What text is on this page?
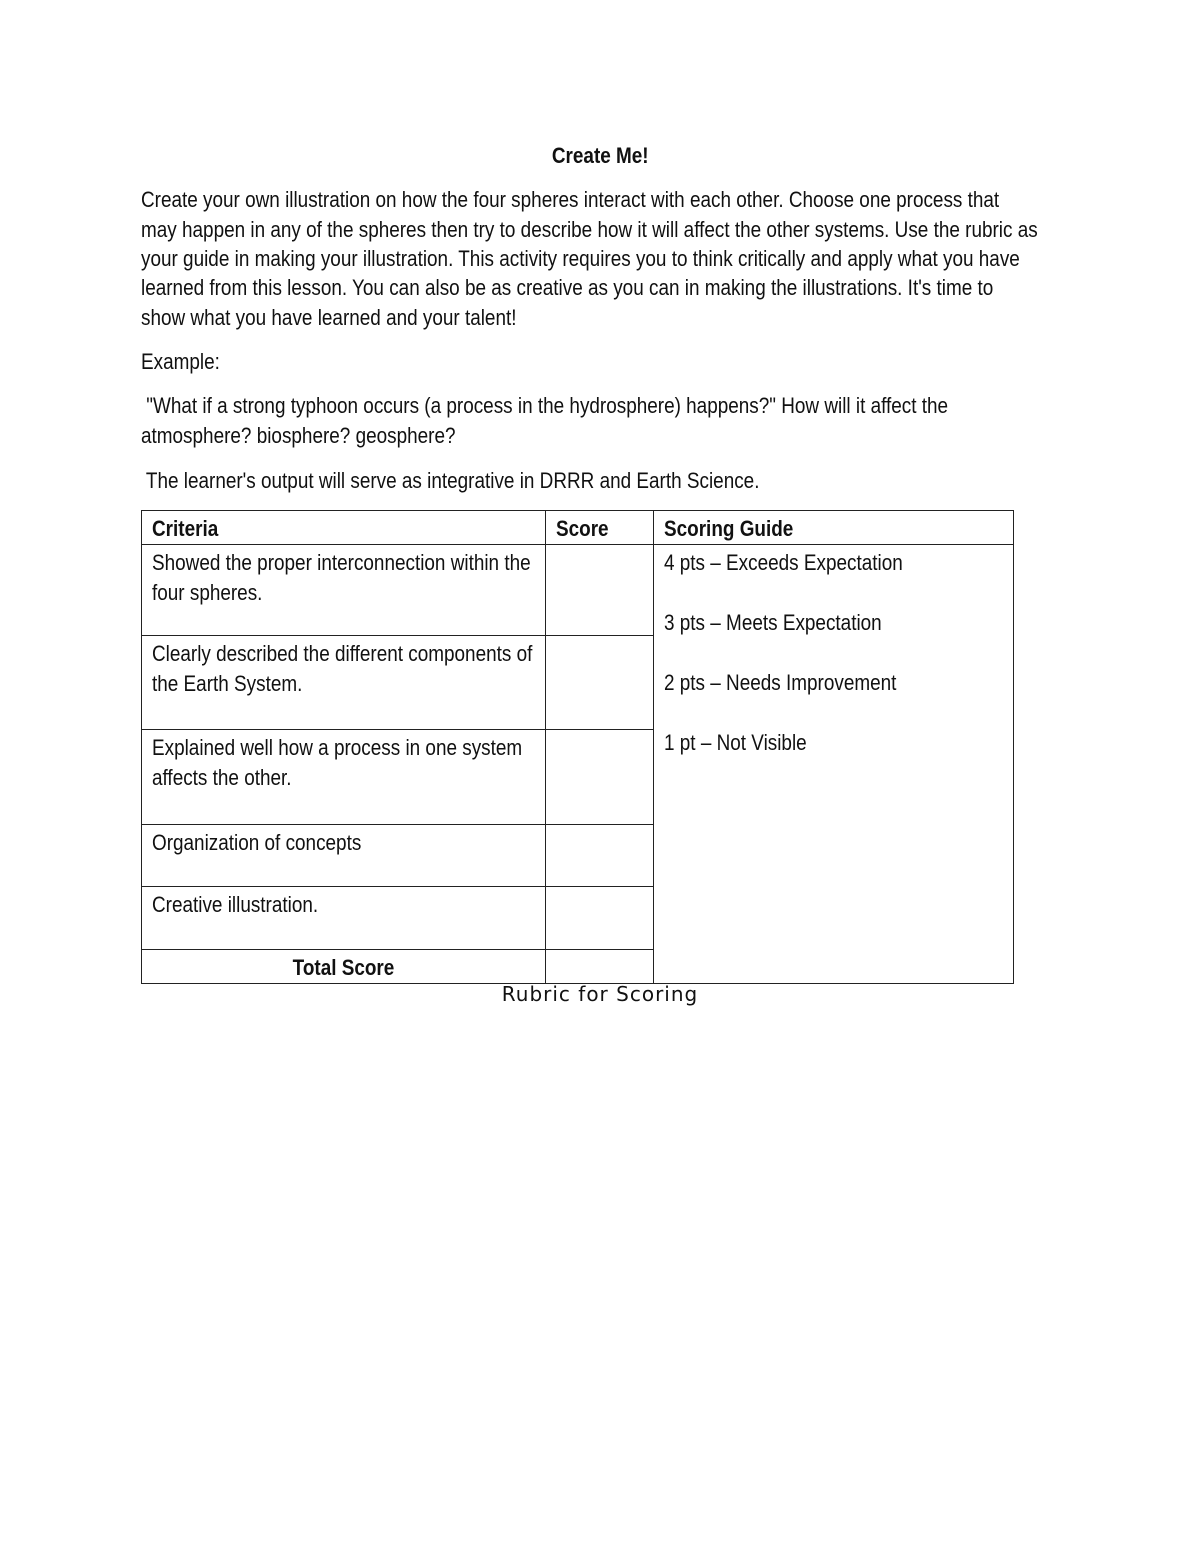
Create Me!
Create your own illustration on how the four spheres interact with each other. Choose one process that
may happen in any of the spheres then try to describe how it will affect the other systems. Use the rubric as
your guide in making your illustration. This activity requires you to think critically and apply what you have
learned from this lesson. You can also be as creative as you can in making the illustrations. It's time to
show what you have learned and your talent!
Example:
"What if a strong typhoon occurs (a process in the hydrosphere) happens?" How will it affect the
atmosphere? biosphere? geosphere?
The learner's output will serve as integrative in DRRR and Earth Science.
Criteria	Score	Scoring Guide

Showed the proper interconnection within the four spheres.		4 pts – Exceeds Expectation
3 pts – Meets Expectation
2 pts – Needs Improvement
1 pt – Not Visible

Clearly described the different components of the Earth System.		

Explained well how a process in one system affects the other.		

Organization of concepts		

Creative illustration.		

Total Score		

Rubric for Scoring
